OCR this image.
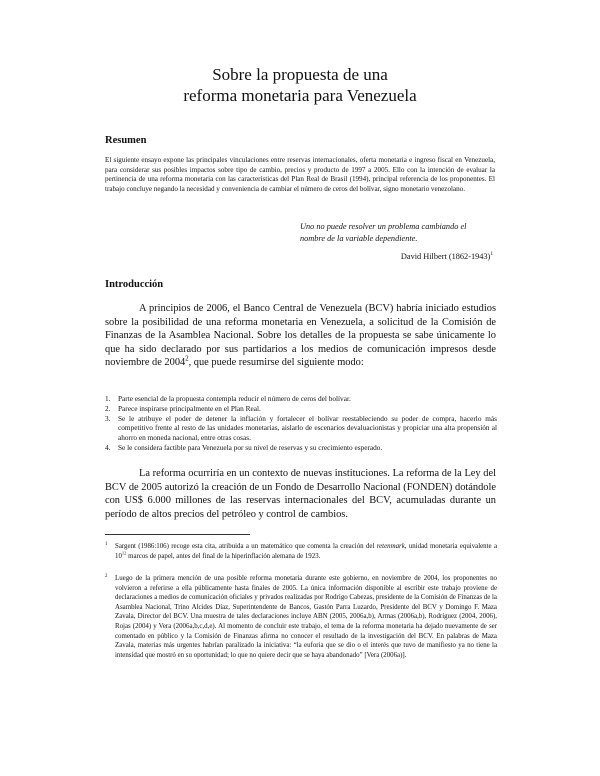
Sobre la propuesta de una
reforma monetaria para Venezuela
Resumen

El siguiente ensayo expone las principales vinculaciones entre reservas internacionales, oferta monetaria e ingreso fiscal en Venezuela, para considerar sus posibles impactos sobre tipo de cambio, precios y producto de 1997 a 2005. Ello con la intención de evaluar la pertinencia de una reforma monetaria con las características del Plan Real de Brasil (1994), principal referencia de los proponentes. El trabajo concluye negando la necesidad y conveniencia de cambiar el número de ceros del bolívar, signo monetario venezolano.

Uno no puede resolver un problema cambiando el
nombre de la variable dependiente.
David Hilbert (1862-1943)$^1$
Introducción

A principios de 2006, el Banco Central de Venezuela (BCV) habría iniciado estudios sobre la posibilidad de una reforma monetaria en Venezuela, a solicitud de la Comisión de Finanzas de la Asamblea Nacional. Sobre los detalles de la propuesta se sabe únicamente lo que ha sido declarado por sus partidarios a los medios de comunicación impresos desde noviembre de 2004$^2$, que puede resumirse del siguiente modo:

1. Parte esencial de la propuesta contempla reducir el número de ceros del bolívar.
2. Parece inspirarse principalmente en el Plan Real.
3. Se le atribuye el poder de detener la inflación y fortalecer el bolívar reestableciendo su poder de compra, hacerlo más competitivo frente al resto de las unidades monetarias, aislarlo de escenarios devaluacionistas y propiciar una alta propensión al ahorro en moneda nacional, entre otras cosas.
4. Se le considera factible para Venezuela por su nivel de reservas y su crecimiento esperado.

La reforma ocurriría en un contexto de nuevas instituciones. La reforma de la Ley del BCV de 2005 autorizó la creación de un Fondo de Desarrollo Nacional (FONDEN) dotándole con US$ 6.000 millones de las reservas internacionales del BCV, acumuladas durante un período de altos precios del petróleo y control de cambios.

1	Sargent (1986:106) recoge esta cita, atribuida a un matemático que comenta la creación del retenmark, unidad monetaria equivalente a $10^{12}$ marcos de papel, antes del final de la hiperinflación alemana de 1923.

2	Luego de la primera mención de una posible reforma monetaria durante este gobierno, en noviembre de 2004, los proponentes no volvieron a referirse a ella públicamente hasta finales de 2005. La única información disponible al escribir este trabajo proviene de declaraciones a medios de comunicación oficiales y privados realizadas por Rodrigo Cabezas, presidente de la Comisión de Finanzas de la Asamblea Nacional, Trino Alcides Díaz, Superintendente de Bancos, Gastón Parra Luzardo, Presidente del BCV y Domingo F. Maza Zavala, Director del BCV. Una muestra de tales declaraciones incluye ABN (2005, 2006a,b), Armas (2006a,b), Rodríguez (2004, 2006), Rojas (2004) y Vera (2006a,b,c,d,e). Al momento de concluir este trabajo, el tema de la reforma monetaria ha dejado nuevamente de ser comentado en público y la Comisión de Finanzas afirma no conocer el resultado de la investigación del BCV. En palabras de Maza Zavala, materias más urgentes habrían paralizado la iniciativa: “la euforia que se dio o el interés que tuvo de manifiesto ya no tiene la intensidad que mostró en su oportunidad; lo que no quiere decir que se haya abandonado” [Vera (2006a)].
